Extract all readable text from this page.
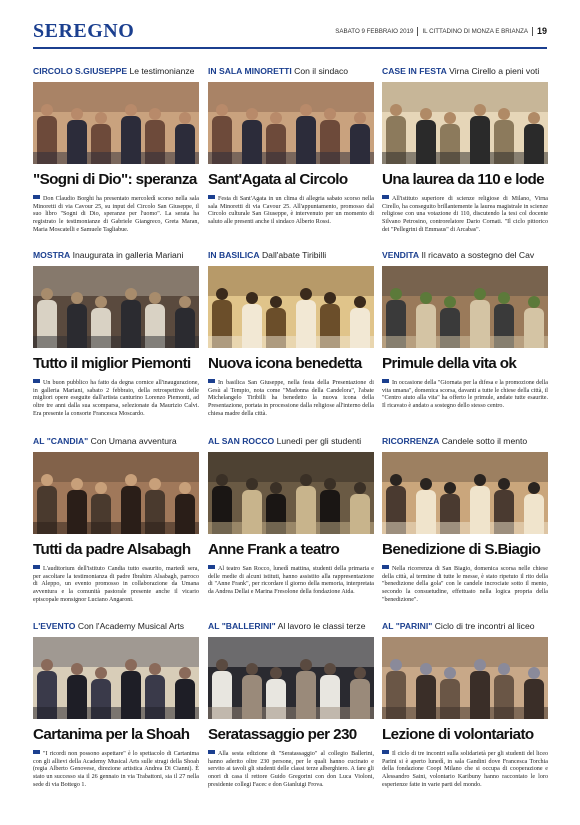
SEREGNO	SABATO 9 FEBBRAIO 2019 IL CITTADINO DI MONZA E BRIANZA 19
CIRCOLO S.GIUSEPPE Le testimonianze
"Sogni di Dio": speranza
Don Claudio Borghi ha presentato mercoledì scorso nella sala Minoretti di via Cavour 25, su input del Circolo San Giuseppe, il suo libro "Sogni di Dio, speranze per l'uomo". La serata ha registrato le testimonianze di Gabriele Giangreco, Greta Maran, Maria Moscatelli e Samuele Tagliabue.
IN SALA MINORETTI Con il sindaco
Sant'Agata al Circolo
Festa di Sant'Agata in un clima di allegria sabato scorso nella sala Minoretti di via Cavour 25. All'appuntamento, promosso dal Circolo culturale San Giuseppe, è intervenuto per un momento di saluto alle presenti anche il sindaco Alberto Rossi.
CASE IN FESTA Virna Cirello a pieni voti
Una laurea da 110 e lode
All'istituto superiore di scienze religiose di Milano, Virna Cirello, ha conseguito brillantemente la laurea magistrale in scienze religiose con una votazione di 110, discutendo la tesi col docente Silvano Petrosino, controrelatore Dario Cornati. "Il ciclo pittorico dei "Pellegrini di Emmaus" di Arcabas".
MOSTRA Inaugurata in galleria Mariani
Tutto il miglior Piemonti
Un buon pubblico ha fatto da degna cornice all'inaugurazione, in galleria Mariani, sabato 2 febbraio, della retrospettiva delle migliori opere eseguite dall'artista canturino Lorenzo Piemonti, ad oltre tre anni dalla sua scomparsa, selezionate da Maurizio Calvi. Era presente la consorte Francesca Moscardo.
IN BASILICA Dall'abate Tiribilli
Nuova icona benedetta
In basilica San Giuseppe, nella festa della Presentazione di Gesù al Tempio, nota come "Madonna della Candelora", l'abate Michelangelo Tiribilli ha benedetto la nuova icona della Presentazione, portata in processione dalla religiose all'interno della chiesa madre della città.
VENDITA Il ricavato a sostegno del Cav
Primule della vita ok
In occasione della "Giornata per la difesa e la promozione della vita umana", domenica scorsa, davanti a tutte le chiese della città, il "Centro aiuto alla vita" ha offerto le primule, andate tutte esaurite. Il ricavato è andato a sostegno dello stesso centro.
AL "CANDIA" Con Umana avventura
Tutti da padre Alsabagh
L'auditorium dell'istituto Candia tutto esaurito, martedì sera, per ascoltare la testimonianza di padre Ibrahim Alsabagh, parroco di Aleppo, un evento promosso in collaborazione da Umana avventura e la comunità pastorale presente anche il vicario episcopale monsignor Luciano Angaroni.
AL SAN ROCCO Lunedì per gli studenti
Anne Frank a teatro
Al teatro San Rocco, lunedì mattina, studenti della primaria e delle medie di alcuni istituti, hanno assistito alla rappresentazione di "Anne Frank", per ricordare il giorno della memoria, interpretata da Andrea Dellai e Marina Fresolone della fondazione Aida.
RICORRENZA Candele sotto il mento
Benedizione di S.Biagio
Nella ricorrenza di San Biagio, domenica scorsa nelle chiese della città, al termine di tutte le messe, è stato ripetuto il rito della "benedizione della gola" con le candele incrociate sotto il mento, secondo la consuetudine, effettuato nella logica propria della "benedizione".
L'EVENTO Con l'Academy Musical Arts
Cartanima per la Shoah
"I ricordi non possono aspettare" è lo spettacolo di Cartanima con gli allievi della Academy Musical Arts sulle stragi della Shoah (regia Alberto Genovese, direzione artistica Andrea Di Cianni). È stato un successo sia il 26 gennaio in via Trabattoni, sia il 27 nella sede di via Bottego 1.
AL "BALLERINI" Al lavoro le classi terze
Seratassaggio per 230
Alla sesta edizione di "Seratassaggio" al collegio Ballerini, hanno aderito oltre 230 persone, per le quali hanno cucinato e servito ai tavoli gli studenti delle classi terze alberghiero. A fare gli onori di casa il rettore Guido Gregorini con don Luca Violoni, presidente collegi Facec e don Gianluigi Frova.
AL "PARINI" Ciclo di tre incontri al liceo
Lezione di volontariato
Il ciclo di tre incontri sulla solidarietà per gli studenti del liceo Parini si è aperto lunedì, in sala Gandini dove Francesca Torchia della fondazione Coopi Milano che si occupa di cooperazione e Alessandro Saini, volontario Karibuny hanno raccontato le loro esperienze fatte in varie parti del mondo.
